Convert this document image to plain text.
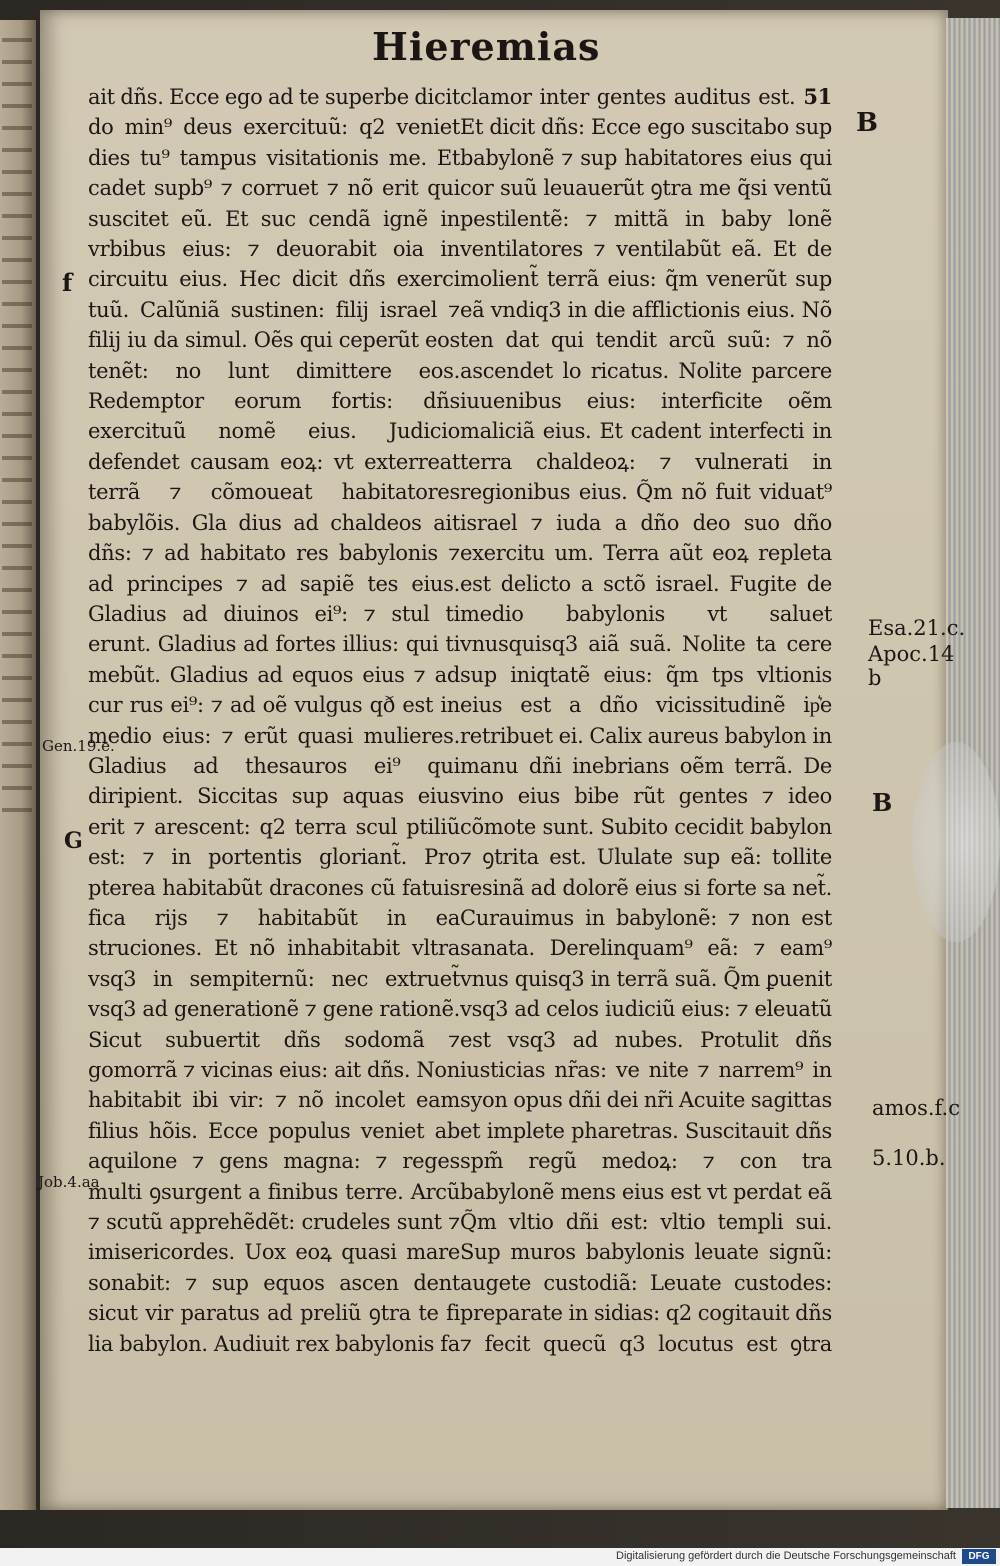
Hieremias
ait dñs. Ecce ego ad te superbe dicit do min⁹ deus exercituũ: q2 veniet dies tu⁹ tampus visitationis me. Et cadet supb⁹ ⁊ corruet ⁊ nõ erit qui suscitet eũ. Et suc cendã ignẽ in vrbibus eius: ⁊ deuorabit oia in circuitu eius. Hec dicit dñs exerci tuũ. Calũniã sustinen: filij israel ⁊ filij iu da simul. Oẽs qui ceperũt eos tenẽt: no lunt dimittere eos. Redemptor eorum fortis: dñs exercituũ nomẽ eius. Judicio defendet causam eoꝝ: vt exterreat terrã ⁊ cõmoueat habitatores babylõis. Gla dius ad chaldeos ait dñs: ⁊ ad habitato res babylonis ⁊ ad principes ⁊ ad sapiẽ tes eius. Gladius ad diuinos ei⁹: ⁊ stul ti erunt. Gladius ad fortes illius: qui ti mebũt. Gladius ad equos eius ⁊ ad cur rus ei⁹: ⁊ ad oẽ vulgus qð est in medio eius: ⁊ erũt quasi mulieres. Gladius ad thesauros ei⁹ qui diripient. Siccitas sup aquas eius erit ⁊ arescent: q2 terra scul ptiliũ est: ⁊ in portentis gloriant̃. Pro pterea habitabũt dracones cũ fatuis fica rijs ⁊ habitabũt in ea struciones. Et nõ inhabitabit vltra vsq3 in sempiternũ: nec extruet̃ vsq3 ad generationẽ ⁊ gene rationẽ. Sicut subuertit dñs sodomã ⁊ gomorrã ⁊ vicinas eius: ait dñs. Non habitabit ibi vir: ⁊ nõ incolet eam filius hõis. Ecce populus veniet ab aquilone ⁊ gens magna: ⁊ reges multi ꝯsurgent a finibus terre. Arcũ ⁊ scutũ apprehẽdẽt: crudeles sunt ⁊ imisericordes. Uox eoꝝ quasi mare sonabit: ⁊ sup equos ascen dent sicut vir paratus ad preliũ ꝯtra te fi lia babylon. Audiuit rex babylonis fa
51
clamor inter gentes auditus est. Et dicit dñs: Ecce ego suscitabo sup babylonẽ ⁊ sup habitatores eius qui cor suũ leuauerũt ꝯtra me q̃si ventũ pestilentẽ: ⁊ mittã in baby lonẽ ventilatores ⁊ ventilabũt eã. Et de molient̃ terrã eius: q̃m venerũt sup eã vndiq3 in die afflictionis eius. Nõ ten dat qui tendit arcũ suũ: ⁊ nõ ascendet lo ricatus. Nolite parcere iuuenibus eius: interficite oẽm maliciã eius. Et cadent interfecti in terra chaldeoꝝ: ⁊ vulnerati in regionibus eius. Q̃m nõ fuit viduat⁹ israel ⁊ iuda a dño deo suo dño exercitu um. Terra aũt eoꝝ repleta est delicto a sctõ israel. Fugite de medio babylonis vt saluet vnusquisq3 aiã suã. Nolite ta cere sup iniqtatẽ eius: q̃m tps vltionis eius est a dño vicissitudinẽ ip͛e retribuet ei. Calix aureus babylon in manu dñi inebrians oẽm terrã. De vino eius bibe rũt gentes ⁊ ideo cõmote sunt. Subito cecidit babylon ⁊ ꝯtrita est. Ululate sup eã: tollite resinã ad dolorẽ eius si forte sa net̃. Curauimus in babylonẽ: ⁊ non est sanata. Derelinquam⁹ eã: ⁊ eam⁹ vnus quisq3 in terrã suã. Q̃m ꝑuenit vsq3 ad celos iudiciũ eius: ⁊ eleuatũ est vsq3 ad nubes. Protulit dñs iusticias nr̃as: ve nite ⁊ narrem⁹ in syon opus dñi dei nr̃i Acuite sagittas et implete pharetras. Suscitauit dñs spm̃ regũ medoꝝ: ⁊ con tra babylonẽ mens eius est vt perdat eã Q̃m vltio dñi est: vltio templi sui. Sup muros babylonis leuate signũ: augete custodiã: Leuate custodes: preparate in sidias: q2 cogitauit dñs ⁊ fecit quecũ q3 locutus est ꝯtra
f
Gen.19.e.
G
Job.4.aa
B
Esa.21.c.
Apoc.14
b
B
amos.f.c
5.10.b.
Digitalisierung gefördert durch die Deutsche Forschungsgemeinschaft	DFG
